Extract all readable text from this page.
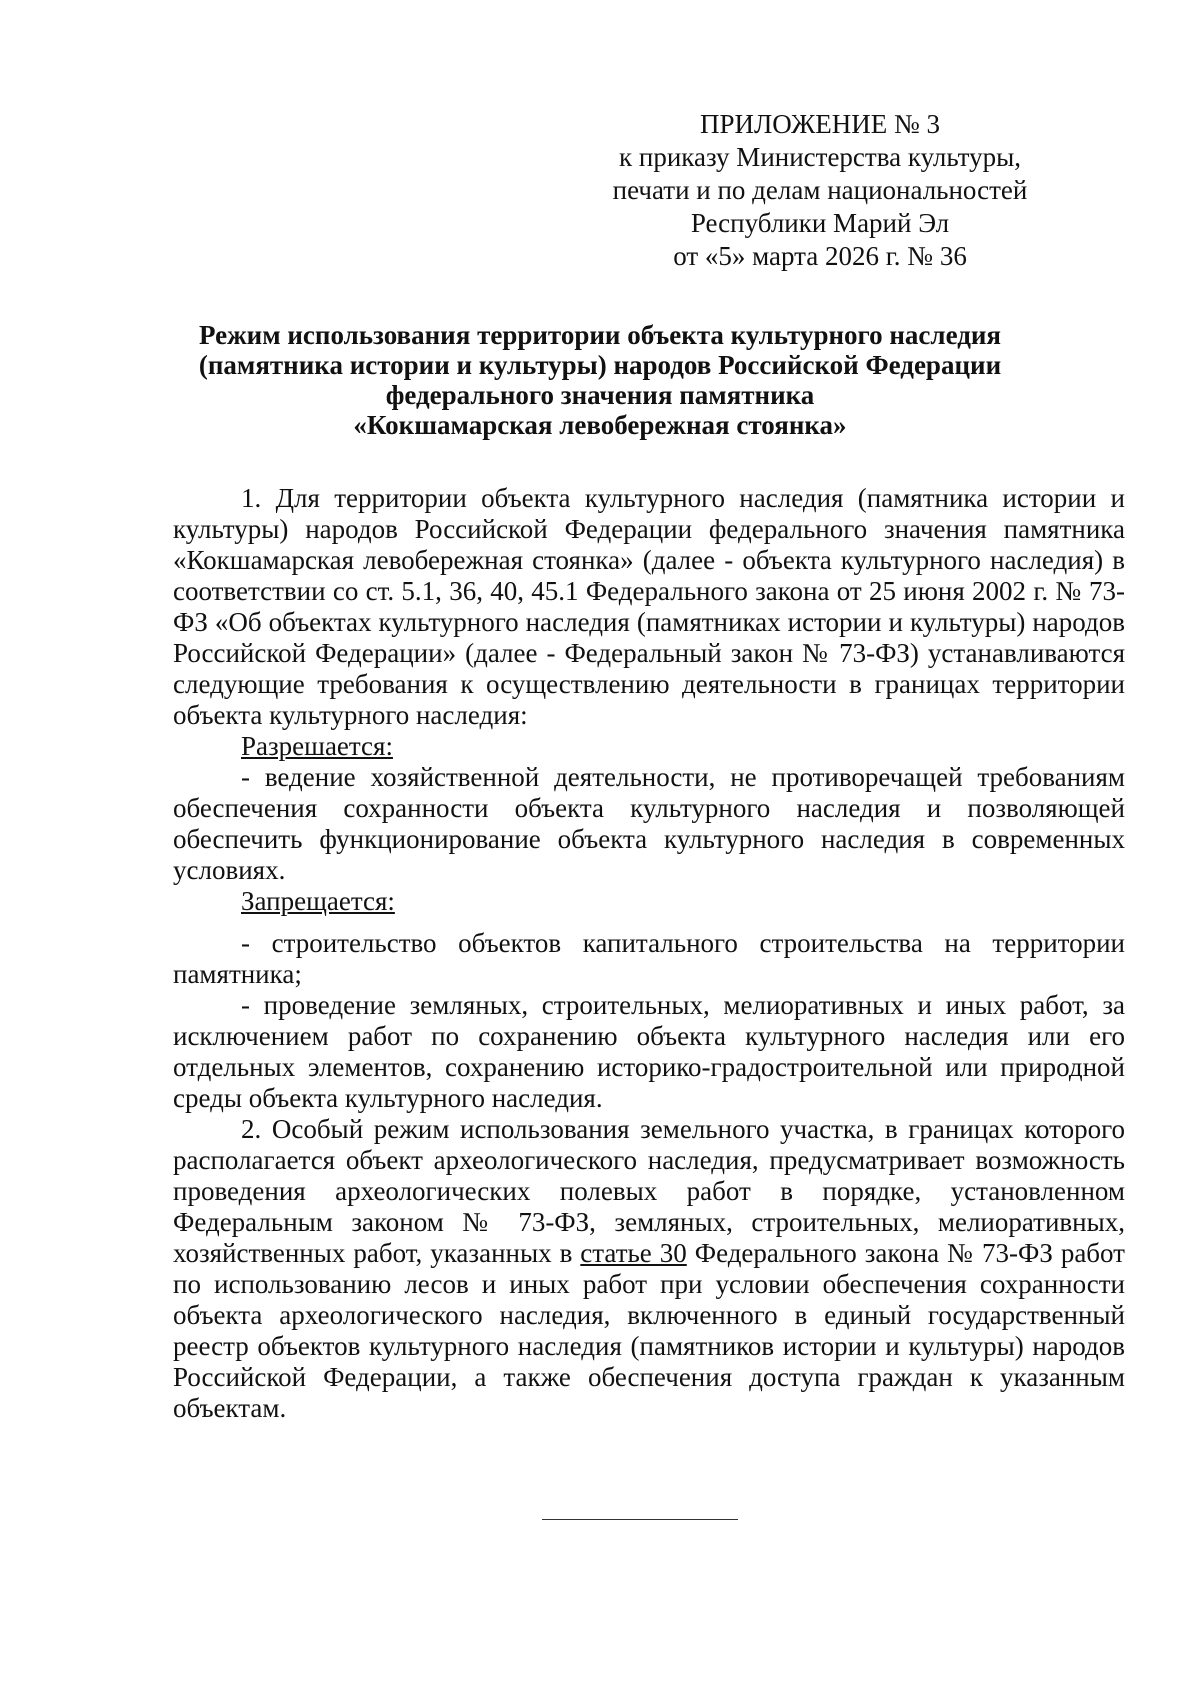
ПРИЛОЖЕНИЕ № 3
к приказу Министерства культуры,
печати и по делам национальностей
Республики Марий Эл
от «5» марта 2026 г. № 36
Режим использования территории объекта культурного наследия
(памятника истории и культуры) народов Российской Федерации
федерального значения памятника
«Кокшамарская левобережная стоянка»

1. Для территории объекта культурного наследия (памятника истории и культуры) народов Российской Федерации федерального значения памятника «Кокшамарская левобережная стоянка» (далее - объекта культурного наследия) в соответствии со ст. 5.1, 36, 40, 45.1 Федерального закона от 25 июня 2002 г. № 73-ФЗ «Об объектах культурного наследия (памятниках истории и культуры) народов Российской Федерации» (далее - Федеральный закон № 73-ФЗ) устанавливаются следующие требования к осуществлению деятельности в границах территории объекта культурного наследия:

Разрешается:

- ведение хозяйственной деятельности, не противоречащей требованиям обеспечения сохранности объекта культурного наследия и позволяющей обеспечить функционирование объекта культурного наследия в современных условиях.

Запрещается:

- строительство объектов капитального строительства на территории памятника;

- проведение земляных, строительных, мелиоративных и иных работ, за исключением работ по сохранению объекта культурного наследия или его отдельных элементов, сохранению историко-градостроительной или природной среды объекта культурного наследия.

2. Особый режим использования земельного участка, в границах которого располагается объект археологического наследия, предусматривает возможность проведения археологических полевых работ в порядке, установленном Федеральным законом № 73-ФЗ, земляных, строительных, мелиоративных, хозяйственных работ, указанных в статье 30 Федерального закона № 73-ФЗ работ по использованию лесов и иных работ при условии обеспечения сохранности объекта археологического наследия, включенного в единый государственный реестр объектов культурного наследия (памятников истории и культуры) народов Российской Федерации, а также обеспечения доступа граждан к указанным объектам.
